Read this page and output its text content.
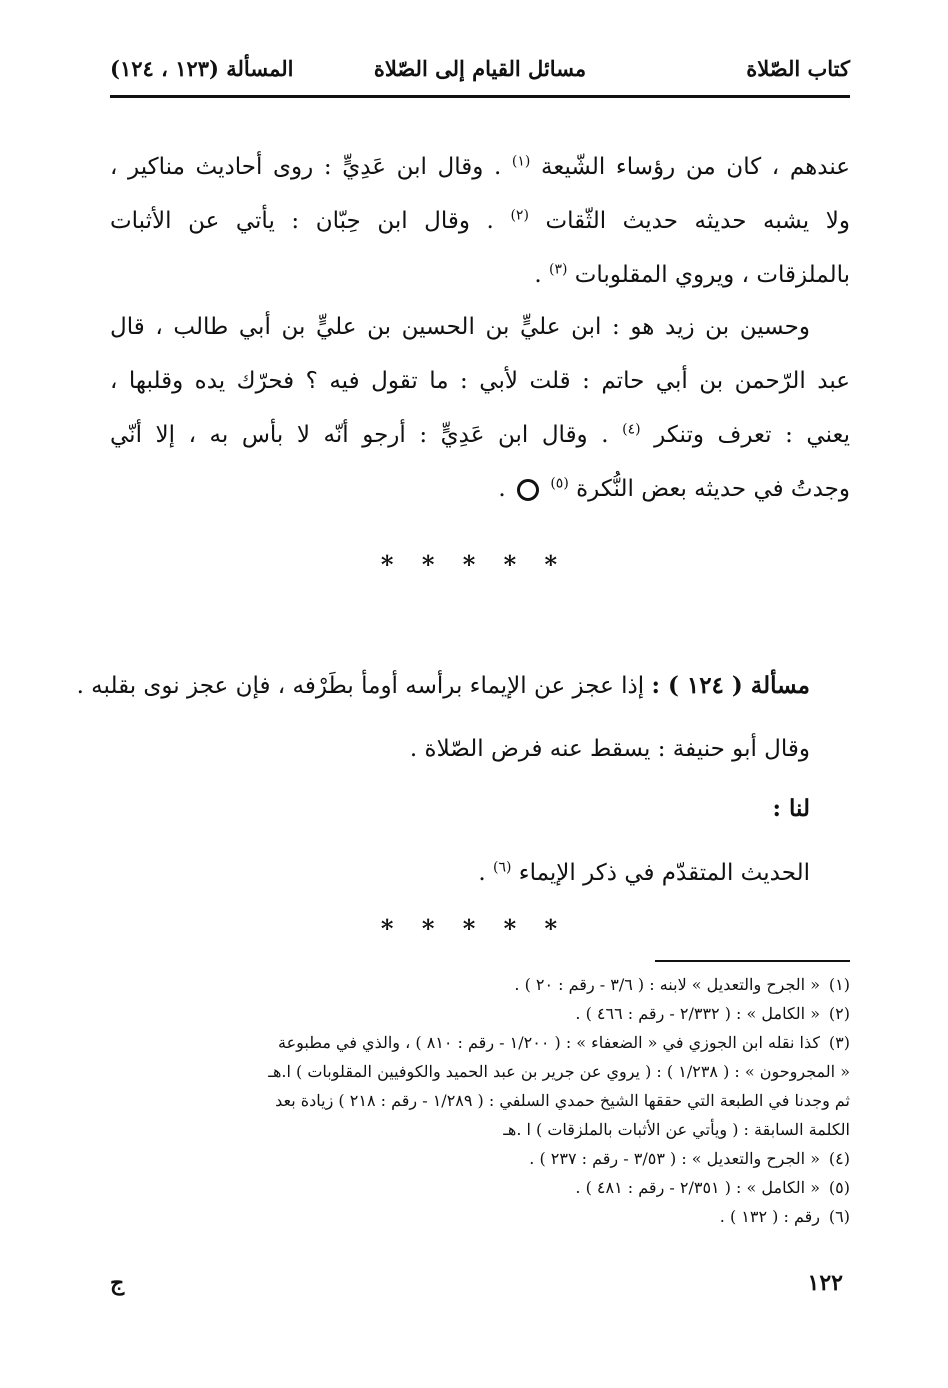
كتاب الصّلاة
مسائل القيام إلى الصّلاة
المسألة (١٢٣ ، ١٢٤)
عندهم ، كان من رؤساء الشّيعة $^{(١)}$ . وقال ابن عَدِيٍّ : روى أحاديث مناكير ،
ولا يشبه حديثه حديث الثّقات $^{(٢)}$ . وقال ابن حِبّان : يأتي عن الأثبات
بالملزقات ، ويروي المقلوبات $^{(٣)}$ .
وحسين بن زيد هو : ابن عليٍّ بن الحسين بن عليٍّ بن أبي طالب ، قال
عبد الرّحمن بن أبي حاتم : قلت لأبي : ما تقول فيه ؟ فحرّك يده وقلبها ،
يعني : تعرف وتنكر $^{(٤)}$ . وقال ابن عَدِيٍّ : أرجو أنّه لا بأس به ، إلا أنّي
وجدتُ في حديثه بعض النُّكرة $^{(٥)}$  .
* * * * *
مسألة ( ١٢٤ ) : إذا عجز عن الإيماء برأسه أومأ بطَرْفه ، فإن عجز نوى بقلبه .
وقال أبو حنيفة : يسقط عنه فرض الصّلاة .
لنا :
الحديث المتقدّم في ذكر الإيماء $^{(٦)}$ .
* * * * *
(١)« الجرح والتعديل » لابنه : ( ٣/٦ - رقم : ٢٠ ) .
(٢)« الكامل » : ( ٢/٣٣٢ - رقم : ٤٦٦ ) .
(٣)كذا نقله ابن الجوزي في « الضعفاء » : ( ١/٢٠٠ - رقم : ٨١٠ ) ، والذي في مطبوعة
« المجروحون » : ( ١/٢٣٨ ) : ( يروي عن جرير بن عبد الحميد والكوفيين المقلوبات ) ا.هـ
ثم وجدنا في الطبعة التي حققها الشيخ حمدي السلفي : ( ١/٢٨٩ - رقم : ٢١٨ ) زيادة بعد
الكلمة السابقة : ( ويأتي عن الأثبات بالملزقات ) ا .هـ
(٤)« الجرح والتعديل » : ( ٣/٥٣ - رقم : ٢٣٧ ) .
(٥)« الكامل » : ( ٢/٣٥١ - رقم : ٤٨١ ) .
(٦)رقم : ( ١٣٢ ) .
١٢٢
ج
